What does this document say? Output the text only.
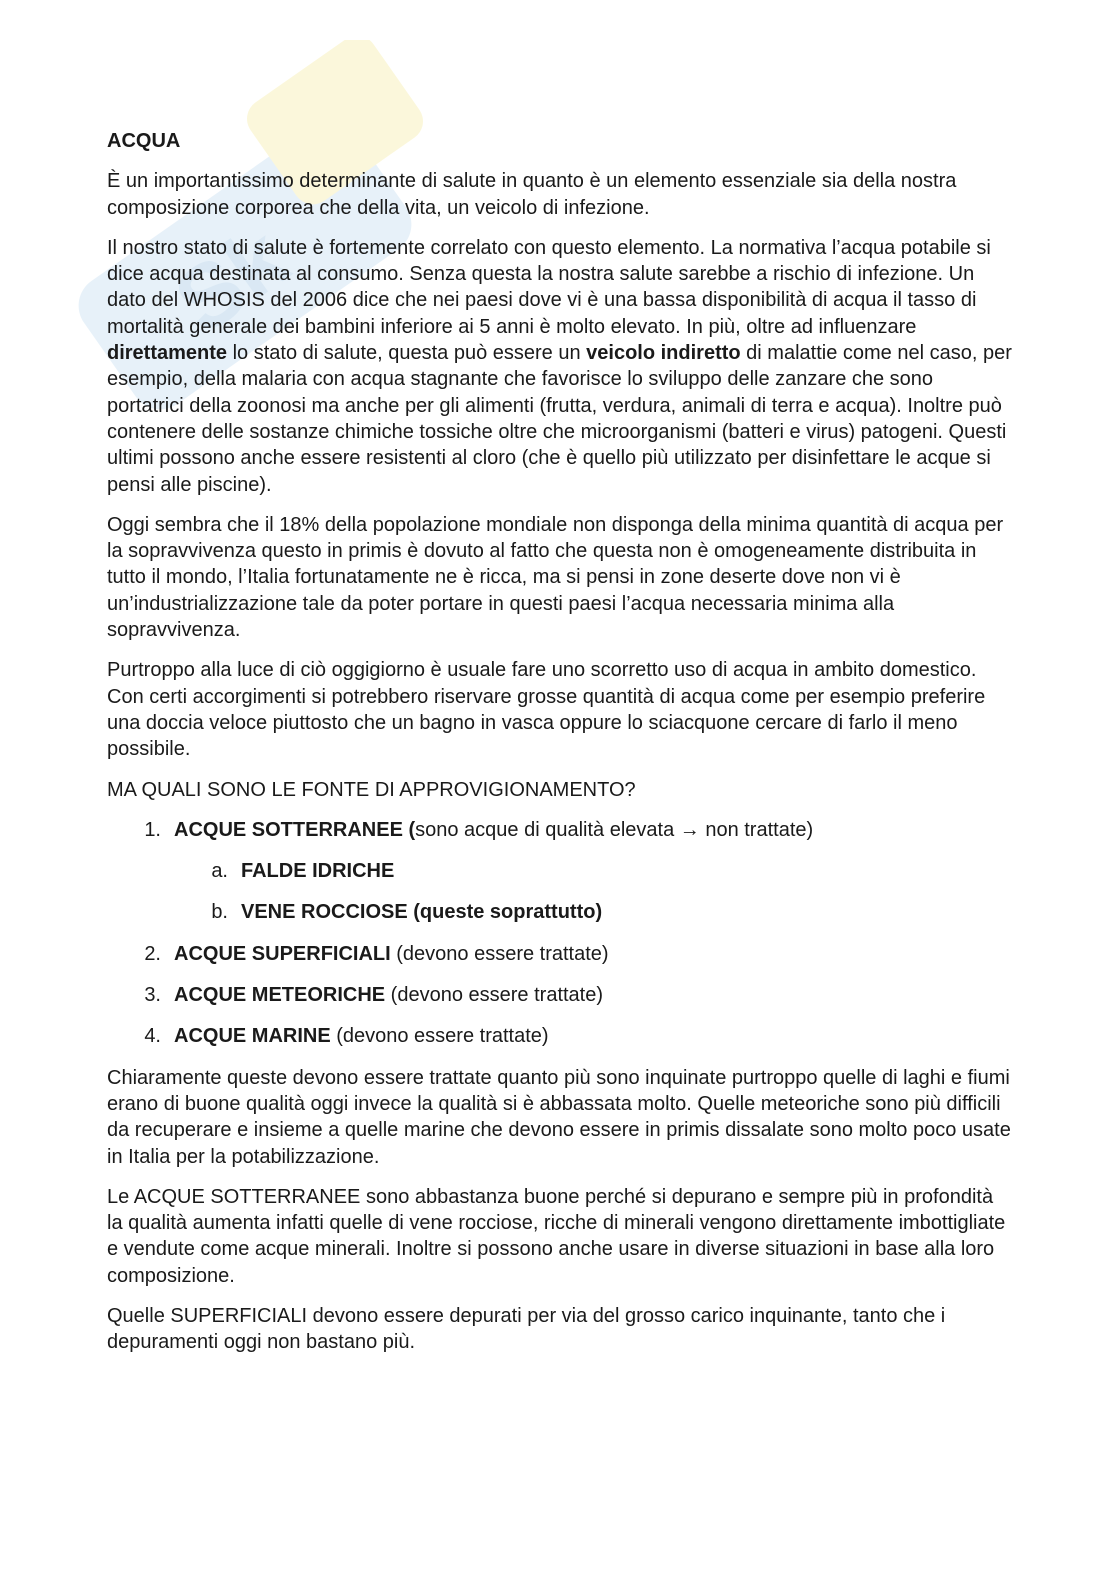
Sk

ACQUA

È un importantissimo determinante di salute in quanto è un elemento essenziale sia della nostra composizione corporea che della vita, un veicolo di infezione.

Il nostro stato di salute è fortemente correlato con questo elemento. La normativa l’acqua potabile si dice acqua destinata al consumo. Senza questa la nostra salute sarebbe a rischio di infezione. Un dato del WHOSIS del 2006 dice che nei paesi dove vi è una bassa disponibilità di acqua il tasso di mortalità generale dei bambini inferiore ai 5 anni è molto elevato. In più, oltre ad influenzare direttamente lo stato di salute, questa può essere un veicolo indiretto di malattie come nel caso, per esempio, della malaria con acqua stagnante che favorisce lo sviluppo delle zanzare che sono portatrici della zoonosi ma anche per gli alimenti (frutta, verdura, animali di terra e acqua). Inoltre può contenere delle sostanze chimiche tossiche oltre che microorganismi (batteri e virus) patogeni. Questi ultimi possono anche essere resistenti al cloro (che è quello più utilizzato per disinfettare le acque si pensi alle piscine).

Oggi sembra che il 18% della popolazione mondiale non disponga della minima quantità di acqua per la sopravvivenza questo in primis è dovuto al fatto che questa non è omogeneamente distribuita in tutto il mondo, l’Italia fortunatamente ne è ricca, ma si pensi in zone deserte dove non vi è un’industrializzazione tale da poter portare in questi paesi l’acqua necessaria minima alla sopravvivenza.

Purtroppo alla luce di ciò oggigiorno è usuale fare uno scorretto uso di acqua in ambito domestico. Con certi accorgimenti si potrebbero riservare grosse quantità di acqua come per esempio preferire una doccia veloce piuttosto che un bagno in vasca oppure lo sciacquone cercare di farlo il meno possibile.

MA QUALI SONO LE FONTE DI APPROVIGIONAMENTO?

1. ACQUE SOTTERRANEE (sono acque di qualità elevata → non trattate)
a. FALDE IDRICHE
b. VENE ROCCIOSE (queste soprattutto)
2. ACQUE SUPERFICIALI (devono essere trattate)
3. ACQUE METEORICHE (devono essere trattate)
4. ACQUE MARINE (devono essere trattate)

Chiaramente queste devono essere trattate quanto più sono inquinate purtroppo quelle di laghi e fiumi erano di buone qualità oggi invece la qualità si è abbassata molto. Quelle meteoriche sono più difficili da recuperare e insieme a quelle marine che devono essere in primis dissalate sono molto poco usate in Italia per la potabilizzazione.

Le ACQUE SOTTERRANEE sono abbastanza buone perché si depurano e sempre più in profondità la qualità aumenta infatti quelle di vene rocciose, ricche di minerali vengono direttamente imbottigliate e vendute come acque minerali. Inoltre si possono anche usare in diverse situazioni in base alla loro composizione.

Quelle SUPERFICIALI devono essere depurati per via del grosso carico inquinante, tanto che i depuramenti oggi non bastano più.
